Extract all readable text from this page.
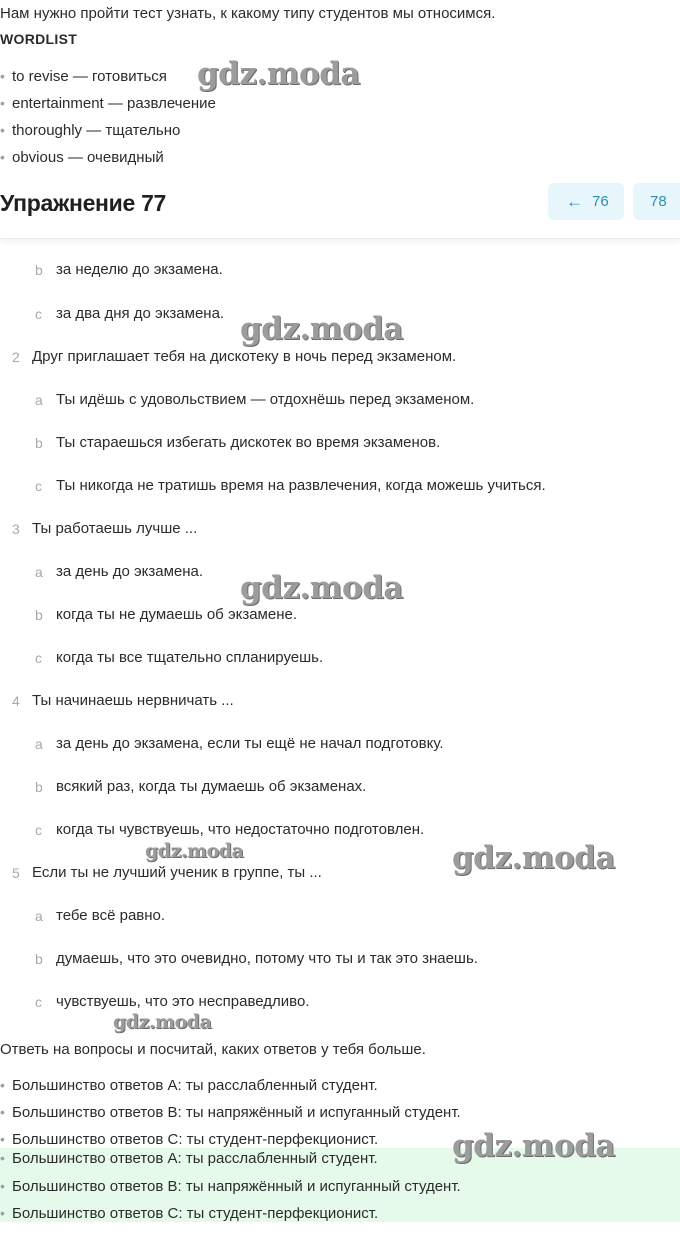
Нам нужно пройти тест узнать, к какому типу студентов мы относимся.
WORDLIST
• to revise — готовиться
• entertainment — развлечение
• thoroughly — тщательно
• obvious — очевидный
Упражнение 77	← 76	78
b за неделю до экзамена.
c за два дня до экзамена.
2 Друг приглашает тебя на дискотеку в ночь перед экзаменом.
a Ты идёшь с удовольствием — отдохнёшь перед экзаменом.
b Ты стараешься избегать дискотек во время экзаменов.
c Ты никогда не тратишь время на развлечения, когда можешь учиться.
3 Ты работаешь лучше ...
a за день до экзамена.
b когда ты не думаешь об экзамене.
c когда ты все тщательно спланируешь.
4 Ты начинаешь нервничать ...
a за день до экзамена, если ты ещё не начал подготовку.
b всякий раз, когда ты думаешь об экзаменах.
c когда ты чувствуешь, что недостаточно подготовлен.
5 Если ты не лучший ученик в группе, ты ...
a тебе всё равно.
b думаешь, что это очевидно, потому что ты и так это знаешь.
c чувствуешь, что это несправедливо.
Ответь на вопросы и посчитай, каких ответов у тебя больше.
• Большинство ответов А: ты расслабленный студент.
• Большинство ответов В: ты напряжённый и испуганный студент.
• Большинство ответов С: ты студент-перфекционист.
• Большинство ответов А: ты расслабленный студент.
• Большинство ответов В: ты напряжённый и испуганный студент.
• Большинство ответов С: ты студент-перфекционист.
gdz.moda
gdz.moda
gdz.moda
gdz.moda	gdz.moda
gdz.moda
gdz.moda
